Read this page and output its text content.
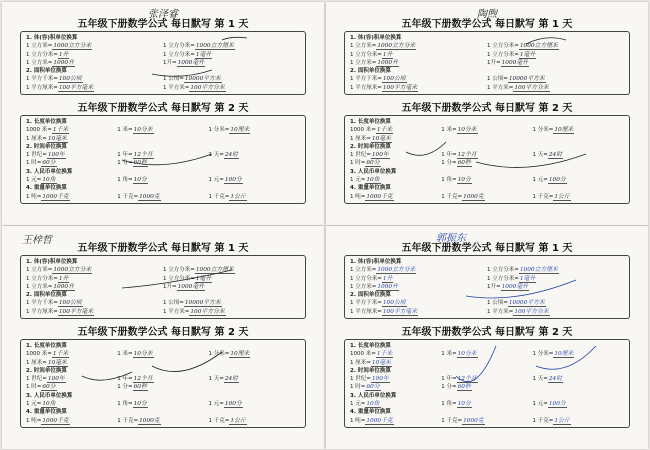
张泽睿
五年级下册数学公式 每日默写 第 1 天
1. 体(容)积单位换算
1 立方米=1000立方分米	1 立方分米=1000立方厘米
1 立方分米=1升	1 立方分米=1毫升
1 立方米=1000升	1升=1000毫升
2. 面积单位换算
1 平方千米=100公顷	1 公顷=10000平方米
1 平方厘米=100平方毫米	1 平方米=100平方分米
五年级下册数学公式 每日默写 第 2 天
1. 长度单位换算
1000 米=1千米	1 米=10分米	1 分米=10厘米
1 厘米=10毫米
2. 时间单位换算
1 世纪=100年	1 年=12个月	1 天=24时
1 时=60分	1 分=60秒
3. 人民币单位换算
1 元=10角	1 角=10分	1 元=100分
4. 重量单位换算
1 吨=1000千克	1 千克=1000克	1 千克=1公斤
陶煦
五年级下册数学公式 每日默写 第 1 天
1. 体(容)积单位换算
1 立方米=1000立方分米	1 立方分米=1000立方厘米
1 立方分米=1升	1 立方分米=1毫升
1 立方米=1000升	1升=1000毫升
2. 面积单位换算
1 平方千米=100公顷	1 公顷=10000平方米
1 平方厘米=100平方毫米	1 平方米=100平方分米
五年级下册数学公式 每日默写 第 2 天
1. 长度单位换算
1000 米=1千米	1 米=10分米	1 分米=10厘米
1 厘米=10毫米
2. 时间单位换算
1 世纪=100年	1 年=12个月	1 天=24时
1 时=60分	1 分=60秒
3. 人民币单位换算
1 元=10角	1 角=10分	1 元=100分
4. 重量单位换算
1 吨=1000千克	1 千克=1000克	1 千克=1公斤
王梓哲
五年级下册数学公式 每日默写 第 1 天
1. 体(容)积单位换算
1 立方米=1000立方分米	1 立方分米=1000立方厘米
1 立方分米=1升	1 立方分米=1毫升
1 立方米=1000升	1升=1000毫升
2. 面积单位换算
1 平方千米=100公顷	1 公顷=10000平方米
1 平方厘米=100平方毫米	1 平方米=100平方分米
五年级下册数学公式 每日默写 第 2 天
1. 长度单位换算
1000 米=1千米	1 米=10分米	1 分米=10厘米
1 厘米=10毫米
2. 时间单位换算
1 世纪=100年	1 年=12个月	1 天=24时
1 时=60分	1 分=60秒
3. 人民币单位换算
1 元=10角	1 角=10分	1 元=100分
4. 重量单位换算
1 吨=1000千克	1 千克=1000克	1 千克=1公斤
郭振东
五年级下册数学公式 每日默写 第 1 天
1. 体(容)积单位换算
1 立方米=1000立方分米	1 立方分米=1000立方厘米
1 立方分米=1升	1 立方分米=1毫升
1 立方米=1000升	1升=1000毫升
2. 面积单位换算
1 平方千米=100公顷	1 公顷=10000平方米
1 平方厘米=100平方毫米	1 平方米=100平方分米
五年级下册数学公式 每日默写 第 2 天
1. 长度单位换算
1000 米=1千米	1 米=10分米	1 分米=10厘米
1 厘米=10毫米
2. 时间单位换算
1 世纪=100年	1 年=12个月	1 天=24时
1 时=60分	1 分=60秒
3. 人民币单位换算
1 元=10角	1 角=10分	1 元=100分
4. 重量单位换算
1 吨=1000千克	1 千克=1000克	1 千克=1公斤
